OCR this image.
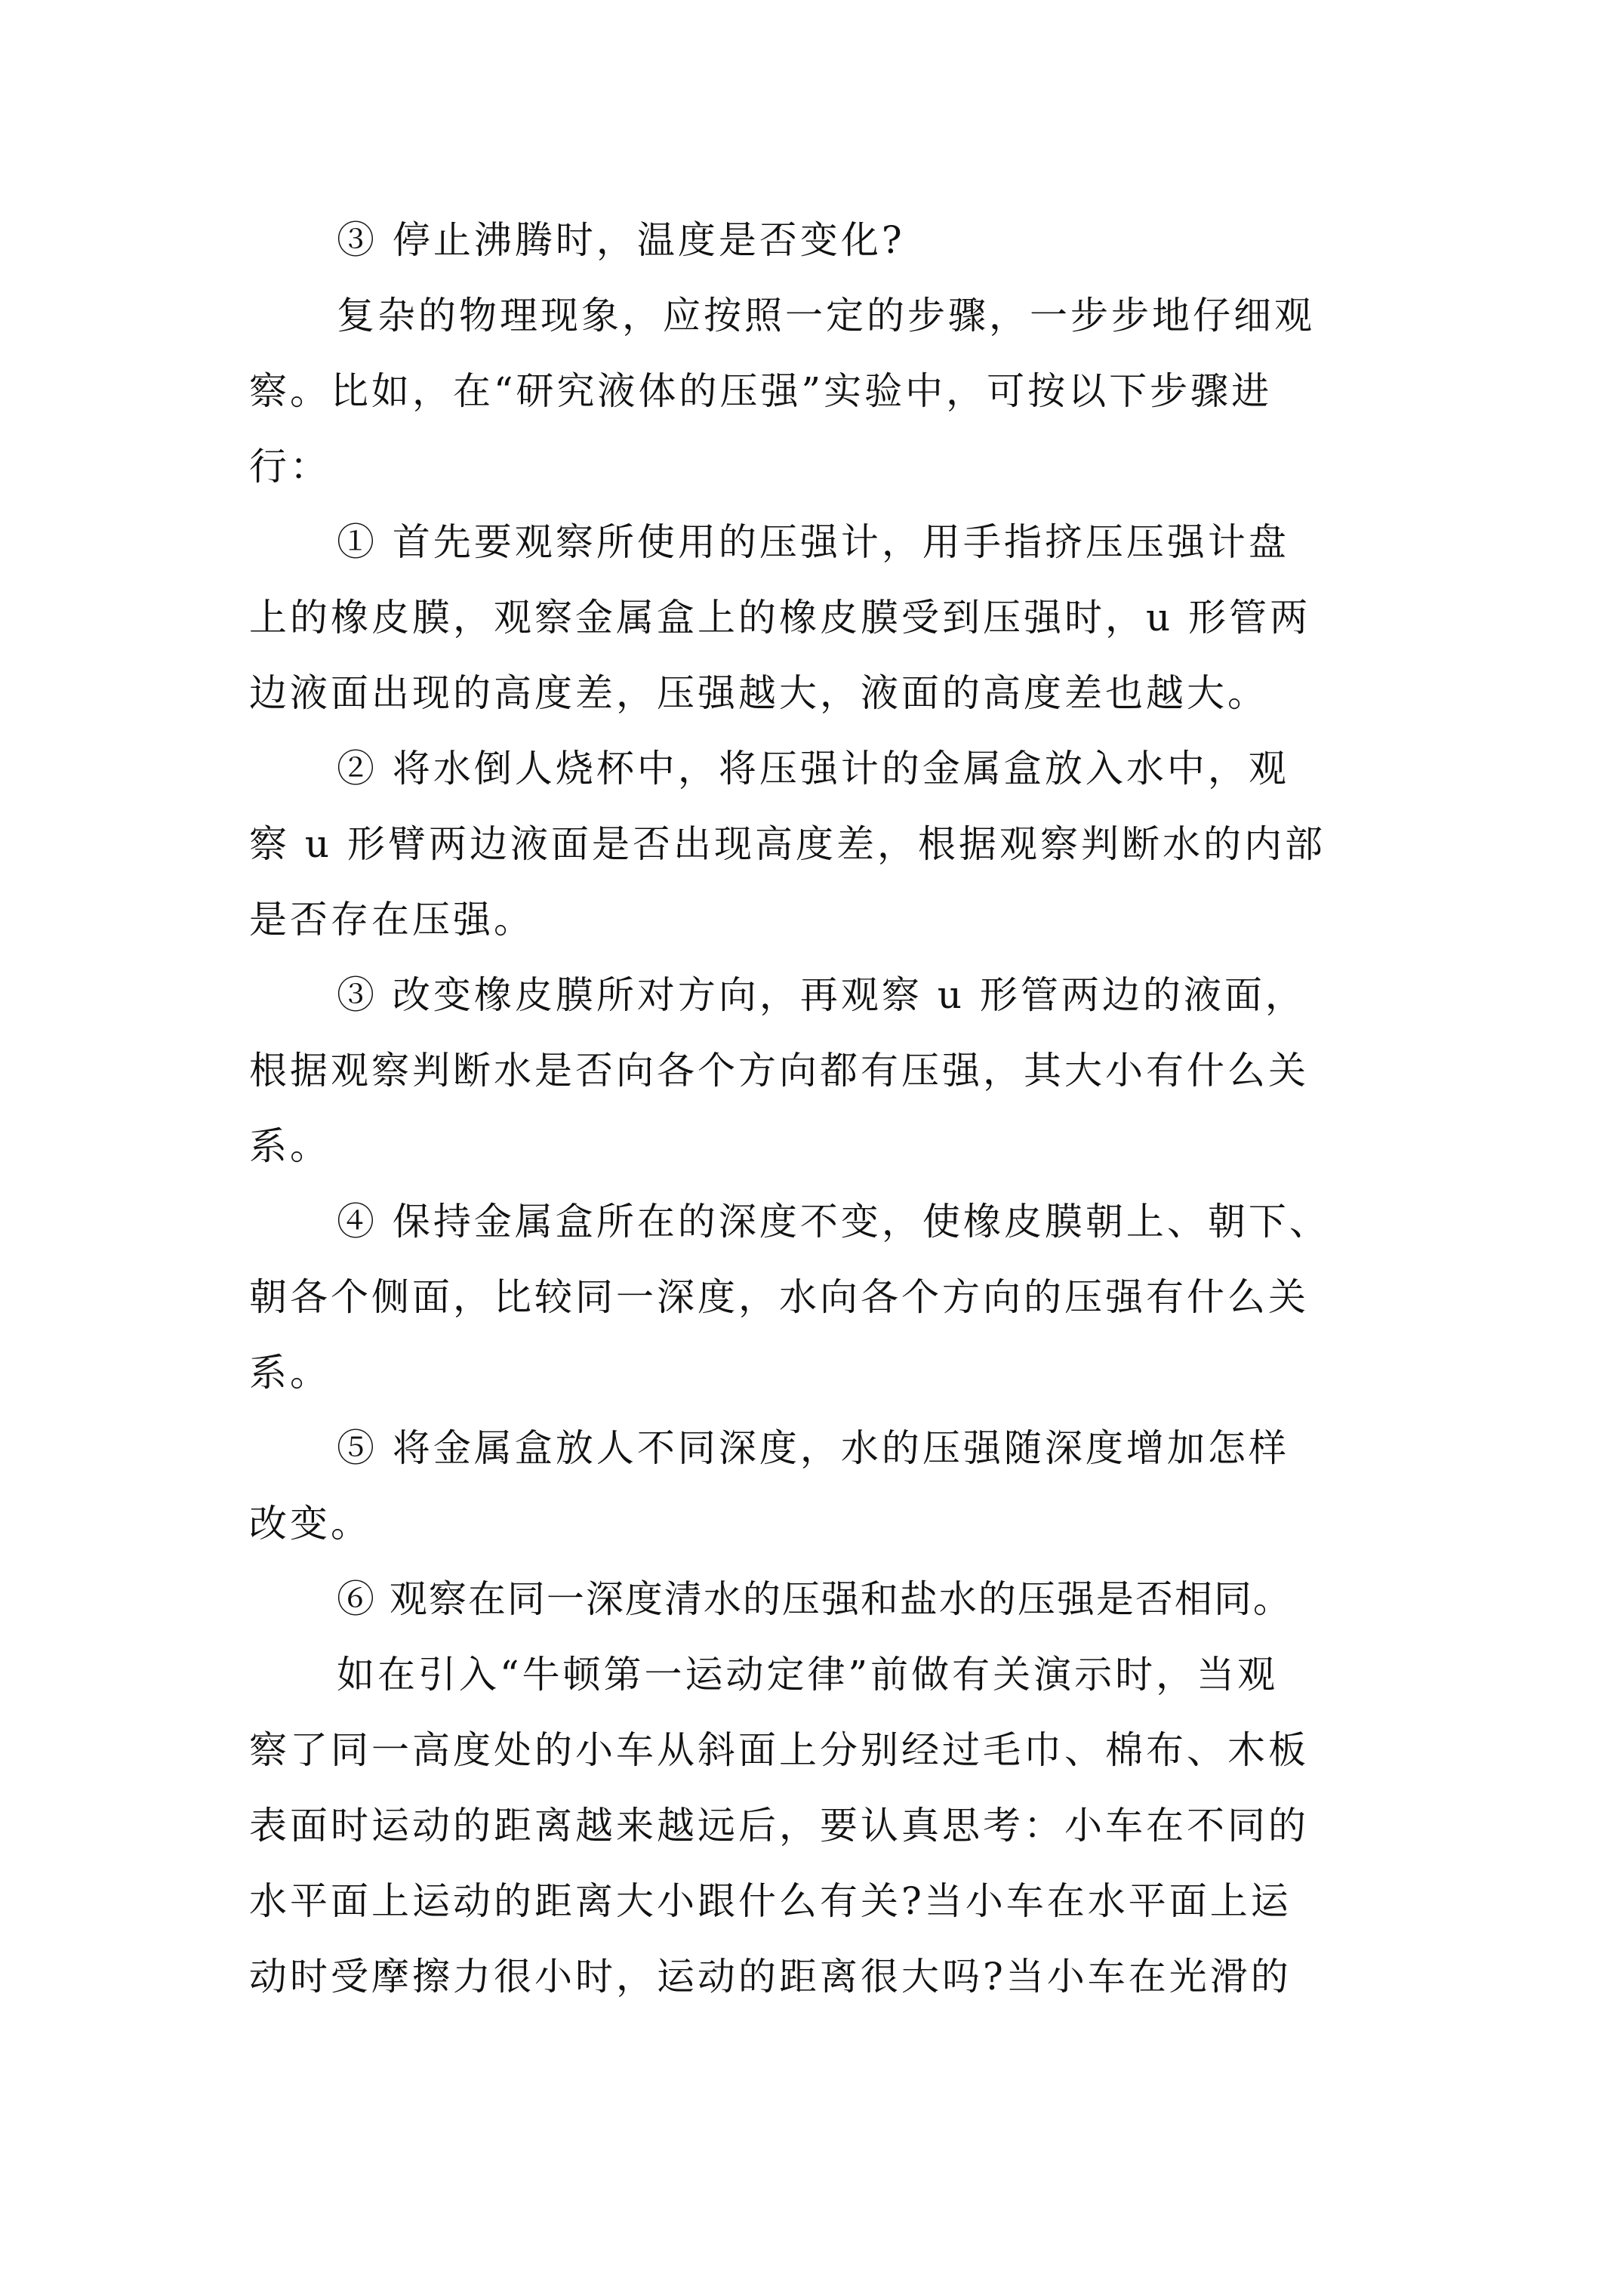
③ 停止沸腾时，温度是否变化?

复杂的物理现象，应按照一定的步骤，一步步地仔细观
察。比如，在“研究液体的压强”实验中，可按以下步骤进
行：

① 首先要观察所使用的压强计，用手指挤压压强计盘
上的橡皮膜，观察金属盒上的橡皮膜受到压强时，u 形管两
边液面出现的高度差，压强越大，液面的高度差也越大。

② 将水倒人烧杯中，将压强计的金属盒放入水中，观
察 u 形臂两边液面是否出现高度差，根据观察判断水的内部
是否存在压强。

③ 改变橡皮膜所对方向，再观察 u 形管两边的液面，
根据观察判断水是否向各个方向都有压强，其大小有什么关
系。

④ 保持金属盒所在的深度不变，使橡皮膜朝上、朝下、
朝各个侧面，比较同一深度，水向各个方向的压强有什么关
系。

⑤ 将金属盒放人不同深度，水的压强随深度增加怎样
改变。

⑥ 观察在同一深度清水的压强和盐水的压强是否相同。

如在引入“牛顿第一运动定律”前做有关演示时，当观
察了同一高度处的小车从斜面上分别经过毛巾、棉布、木板
表面时运动的距离越来越远后，要认真思考：小车在不同的
水平面上运动的距离大小跟什么有关?当小车在水平面上运
动时受摩擦力很小时，运动的距离很大吗?当小车在光滑的
